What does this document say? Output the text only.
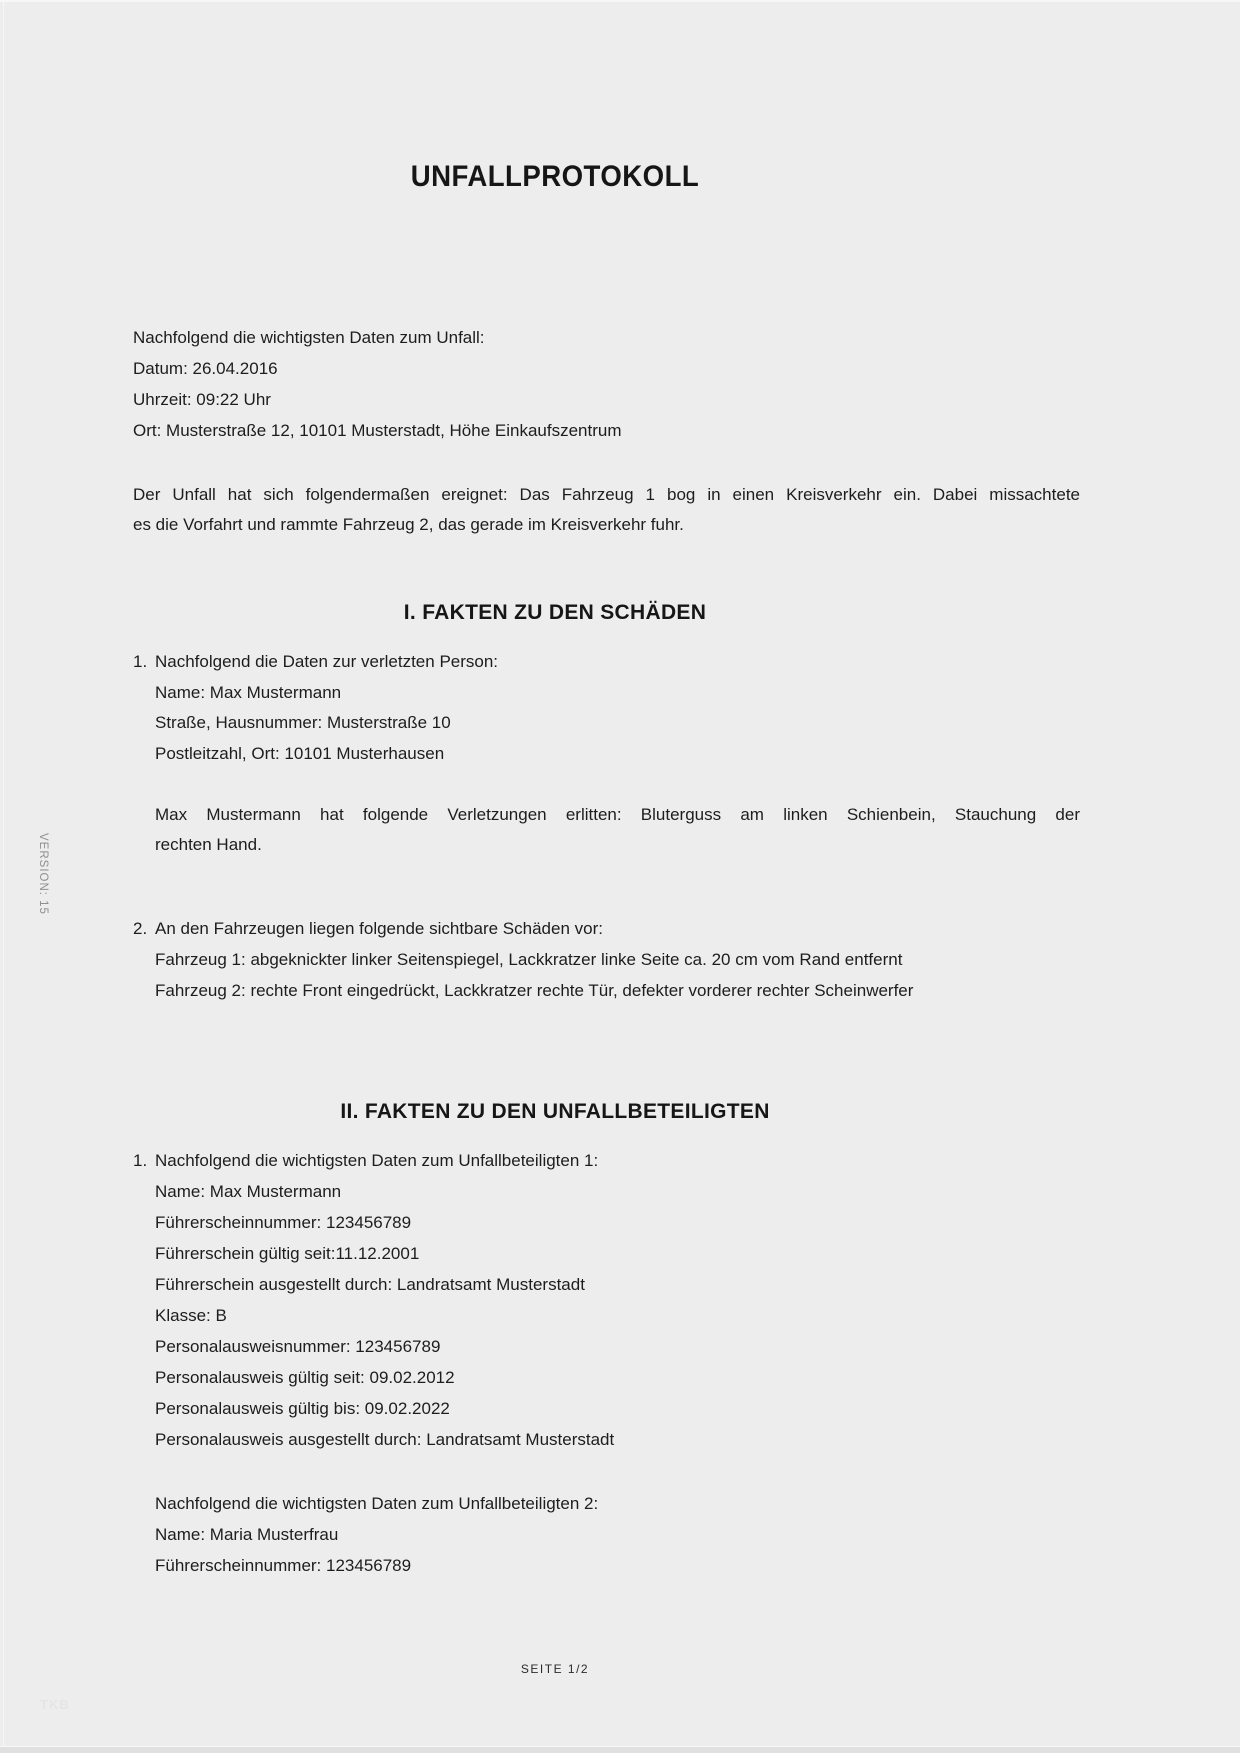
VERSION: 15
UNFALLPROTOKOLL
Nachfolgend die wichtigsten Daten zum Unfall:
Datum: 26.04.2016
Uhrzeit: 09:22 Uhr
Ort: Musterstraße 12, 10101 Musterstadt, Höhe Einkaufszentrum
Der Unfall hat sich folgendermaßen ereignet: Das Fahrzeug 1 bog in einen Kreisverkehr ein. Dabei missachtete
es die Vorfahrt und rammte Fahrzeug 2, das gerade im Kreisverkehr fuhr.
I. FAKTEN ZU DEN SCHÄDEN
1. Nachfolgend die Daten zur verletzten Person:
Name: Max Mustermann
Straße, Hausnummer: Musterstraße 10
Postleitzahl, Ort: 10101 Musterhausen
Max Mustermann hat folgende Verletzungen erlitten: Bluterguss am linken Schienbein, Stauchung der
rechten Hand.
2. An den Fahrzeugen liegen folgende sichtbare Schäden vor:
Fahrzeug 1: abgeknickter linker Seitenspiegel, Lackkratzer linke Seite ca. 20 cm vom Rand entfernt
Fahrzeug 2: rechte Front eingedrückt, Lackkratzer rechte Tür, defekter vorderer rechter Scheinwerfer
II. FAKTEN ZU DEN UNFALLBETEILIGTEN
1. Nachfolgend die wichtigsten Daten zum Unfallbeteiligten 1:
Name: Max Mustermann
Führerscheinnummer: 123456789
Führerschein gültig seit:11.12.2001
Führerschein ausgestellt durch: Landratsamt Musterstadt
Klasse: B
Personalausweisnummer: 123456789
Personalausweis gültig seit: 09.02.2012
Personalausweis gültig bis: 09.02.2022
Personalausweis ausgestellt durch: Landratsamt Musterstadt
Nachfolgend die wichtigsten Daten zum Unfallbeteiligten 2:
Name: Maria Musterfrau
Führerscheinnummer: 123456789
SEITE 1/2
TKB
